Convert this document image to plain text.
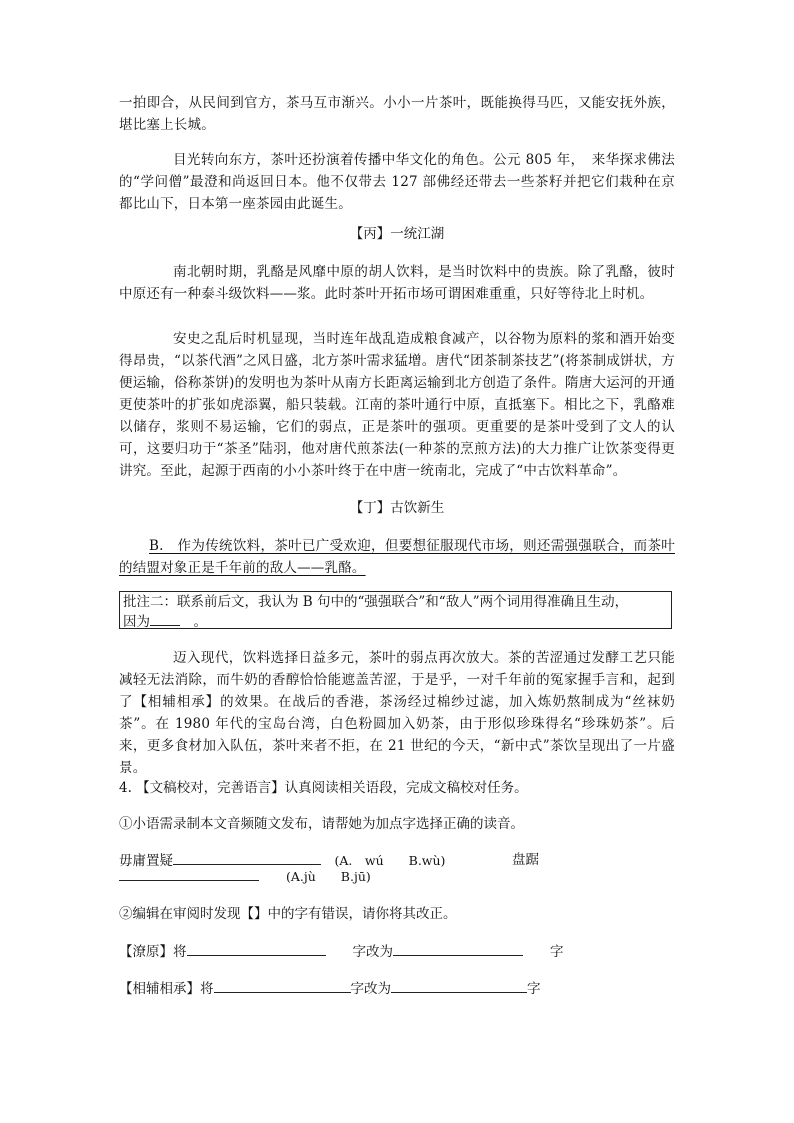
一拍即合，从民间到官方，茶马互市渐兴。小小一片茶叶，既能换得马匹，又能安抚外族，堪比塞上长城。

目光转向东方，茶叶还扮演着传播中华文化的角色。公元 805 年，　来华探求佛法的“学问僧”最澄和尚返回日本。他不仅带去 127 部佛经还带去一些茶籽并把它们栽种在京都比山下，日本第一座茶园由此诞生。

【丙】一统江湖

南北朝时期，乳酪是风靡中原的胡人饮料，是当时饮料中的贵族。除了乳酪，彼时中原还有一种泰斗级饮料——浆。此时茶叶开拓市场可谓困难重重，只好等待北上时机。

安史之乱后时机显现，当时连年战乱造成粮食减产，以谷物为原料的浆和酒开始变得昂贵，“以茶代酒”之风日盛，北方茶叶需求猛增。唐代“团茶制茶技艺”(将茶制成饼状，方便运输，俗称茶饼)的发明也为茶叶从南方长距离运输到北方创造了条件。隋唐大运河的开通更使茶叶的扩张如虎添翼，船只装载。江南的茶叶通行中原，直抵塞下。相比之下，乳酪难以储存，浆则不易运输，它们的弱点，正是茶叶的强项。更重要的是茶叶受到了文人的认可，这要归功于“茶圣”陆羽，他对唐代煎茶法(一种茶的烹煎方法)的大力推广让饮茶变得更讲究。至此，起源于西南的小小茶叶终于在中唐一统南北，完成了“中古饮料革命”。

【丁】古饮新生

B.　作为传统饮料，茶叶已广受欢迎，但要想征服现代市场，则还需强强联合，而茶叶的结盟对象正是千年前的敌人——乳酪。

批注二：联系前后文，我认为 B 句中的“强强联合”和“敌人”两个词用得准确且生动，
因为　	。

迈入现代，饮料选择日益多元，茶叶的弱点再次放大。茶的苦涩通过发酵工艺只能减轻无法消除，而牛奶的香醇恰恰能遮盖苦涩，于是乎，一对千年前的冤家握手言和，起到了【相辅相承】的效果。在战后的香港，茶汤经过棉纱过滤，加入炼奶熬制成为“丝袜奶茶”。在 1980 年代的宝岛台湾，白色粉圆加入奶茶，由于形似珍珠得名“珍珠奶茶”。后来，更多食材加入队伍，茶叶来者不拒，在 21 世纪的今天，“新中式”茶饮呈现出了一片盛景。

4. 【文稿校对，完善语言】认真阅读相关语段，完成文稿校对任务。

①小语需录制本文音频随文发布，请帮她为加点字选择正确的读音。

毋庸置疑　	(A.　wú　　B.wù)	盘踞

　　(A.jù　　B.jū)

②编辑在审阅时发现【】中的字有错误，请你将其改正。

【潦原】将　　	字改为　　	字

【相辅相承】将	字改为	字
